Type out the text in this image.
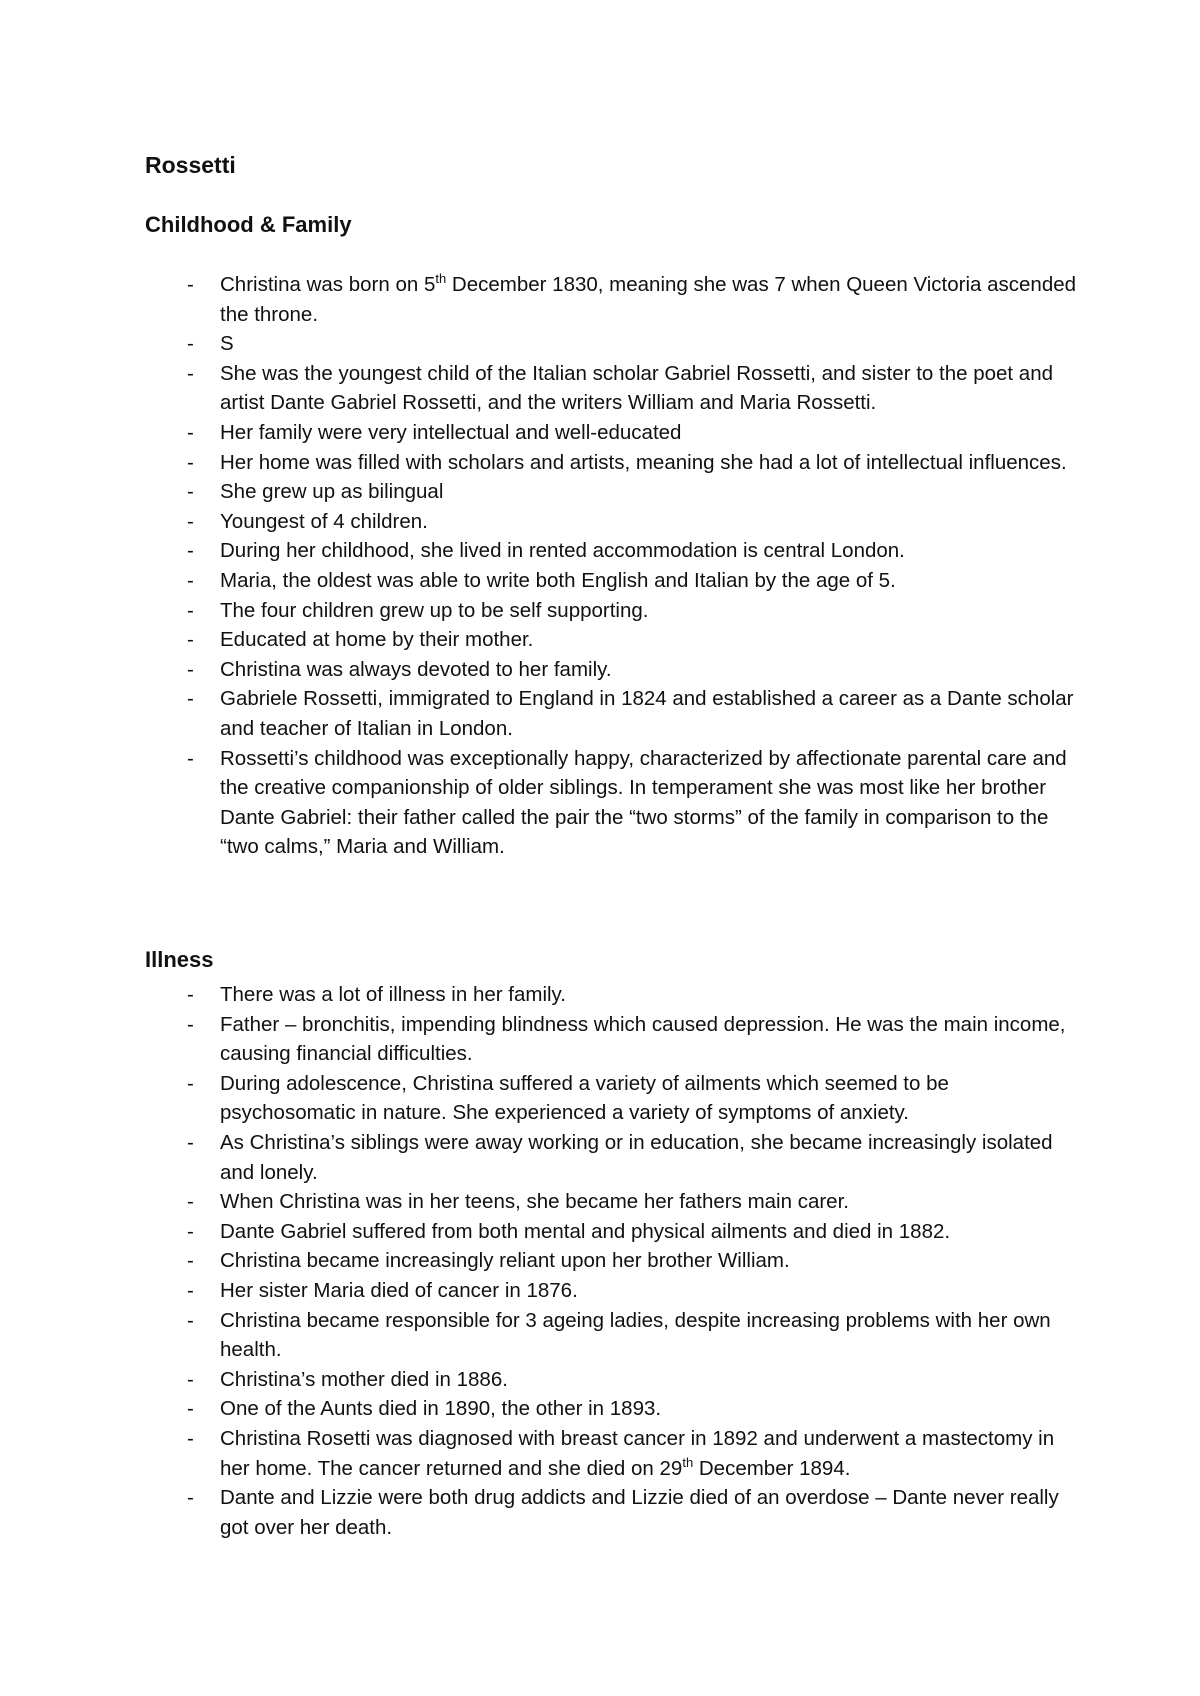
Rossetti
Childhood & Family
- Christina was born on 5th December 1830, meaning she was 7 when Queen Victoria ascended the throne.
- S
- She was the youngest child of the Italian scholar Gabriel Rossetti, and sister to the poet and artist Dante Gabriel Rossetti, and the writers William and Maria Rossetti.
- Her family were very intellectual and well-educated
- Her home was filled with scholars and artists, meaning she had a lot of intellectual influences.
- She grew up as bilingual
- Youngest of 4 children.
- During her childhood, she lived in rented accommodation is central London.
- Maria, the oldest was able to write both English and Italian by the age of 5.
- The four children grew up to be self supporting.
- Educated at home by their mother.
- Christina was always devoted to her family.
- Gabriele Rossetti, immigrated to England in 1824 and established a career as a Dante scholar and teacher of Italian in London.
- Rossetti’s childhood was exceptionally happy, characterized by affectionate parental care and the creative companionship of older siblings. In temperament she was most like her brother Dante Gabriel: their father called the pair the “two storms” of the family in comparison to the “two calms,” Maria and William.
Illness
- There was a lot of illness in her family.
- Father – bronchitis, impending blindness which caused depression. He was the main income, causing financial difficulties.
- During adolescence, Christina suffered a variety of ailments which seemed to be psychosomatic in nature. She experienced a variety of symptoms of anxiety.
- As Christina’s siblings were away working or in education, she became increasingly isolated and lonely.
- When Christina was in her teens, she became her fathers main carer.
- Dante Gabriel suffered from both mental and physical ailments and died in 1882.
- Christina became increasingly reliant upon her brother William.
- Her sister Maria died of cancer in 1876.
- Christina became responsible for 3 ageing ladies, despite increasing problems with her own health.
- Christina’s mother died in 1886.
- One of the Aunts died in 1890, the other in 1893.
- Christina Rosetti was diagnosed with breast cancer in 1892 and underwent a mastectomy in her home. The cancer returned and she died on 29th December 1894.
- Dante and Lizzie were both drug addicts and Lizzie died of an overdose – Dante never really got over her death.
